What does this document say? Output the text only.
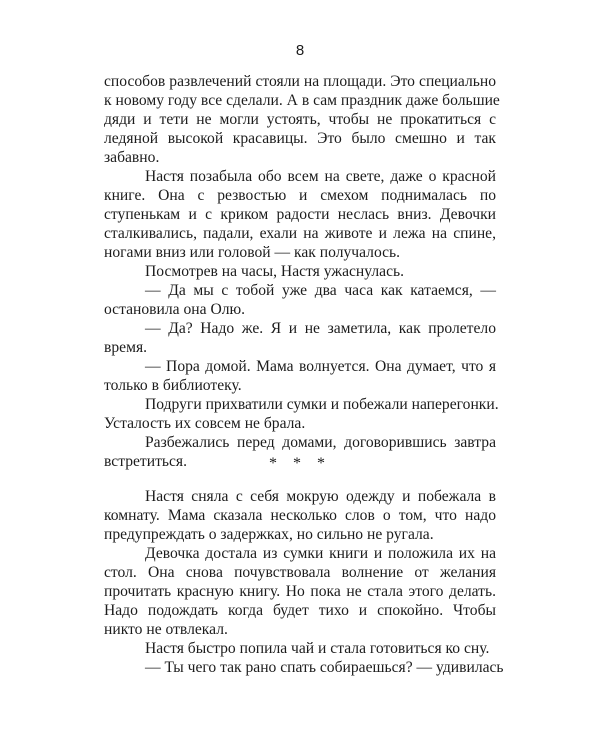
8
способов развлечений стояли на площади. Это специально
к новому году все сделали. А в сам праздник даже большие
дяди и тети не могли устоять, чтобы не прокатиться с
ледяной высокой красавицы. Это было смешно и так
забавно.
Настя позабыла обо всем на свете, даже о красной
книге. Она с резвостью и смехом поднималась по
ступенькам и с криком радости неслась вниз. Девочки
сталкивались, падали, ехали на животе и лежа на спине,
ногами вниз или головой — как получалось.
Посмотрев на часы, Настя ужаснулась.
— Да мы с тобой уже два часа как катаемся, —
остановила она Олю.
— Да? Надо же. Я и не заметила, как пролетело
время.
— Пора домой. Мама волнуется. Она думает, что я
только в библиотеку.
Подруги прихватили сумки и побежали наперегонки.
Усталость их совсем не брала.
Разбежались перед домами, договорившись завтра
встретиться.	* * *
Настя сняла с себя мокрую одежду и побежала в
комнату. Мама сказала несколько слов о том, что надо
предупреждать о задержках, но сильно не ругала.
Девочка достала из сумки книги и положила их на
стол. Она снова почувствовала волнение от желания
прочитать красную книгу. Но пока не стала этого делать.
Надо подождать когда будет тихо и спокойно. Чтобы
никто не отвлекал.
Настя быстро попила чай и стала готовиться ко сну.
— Ты чего так рано спать собираешься? — удивилась
